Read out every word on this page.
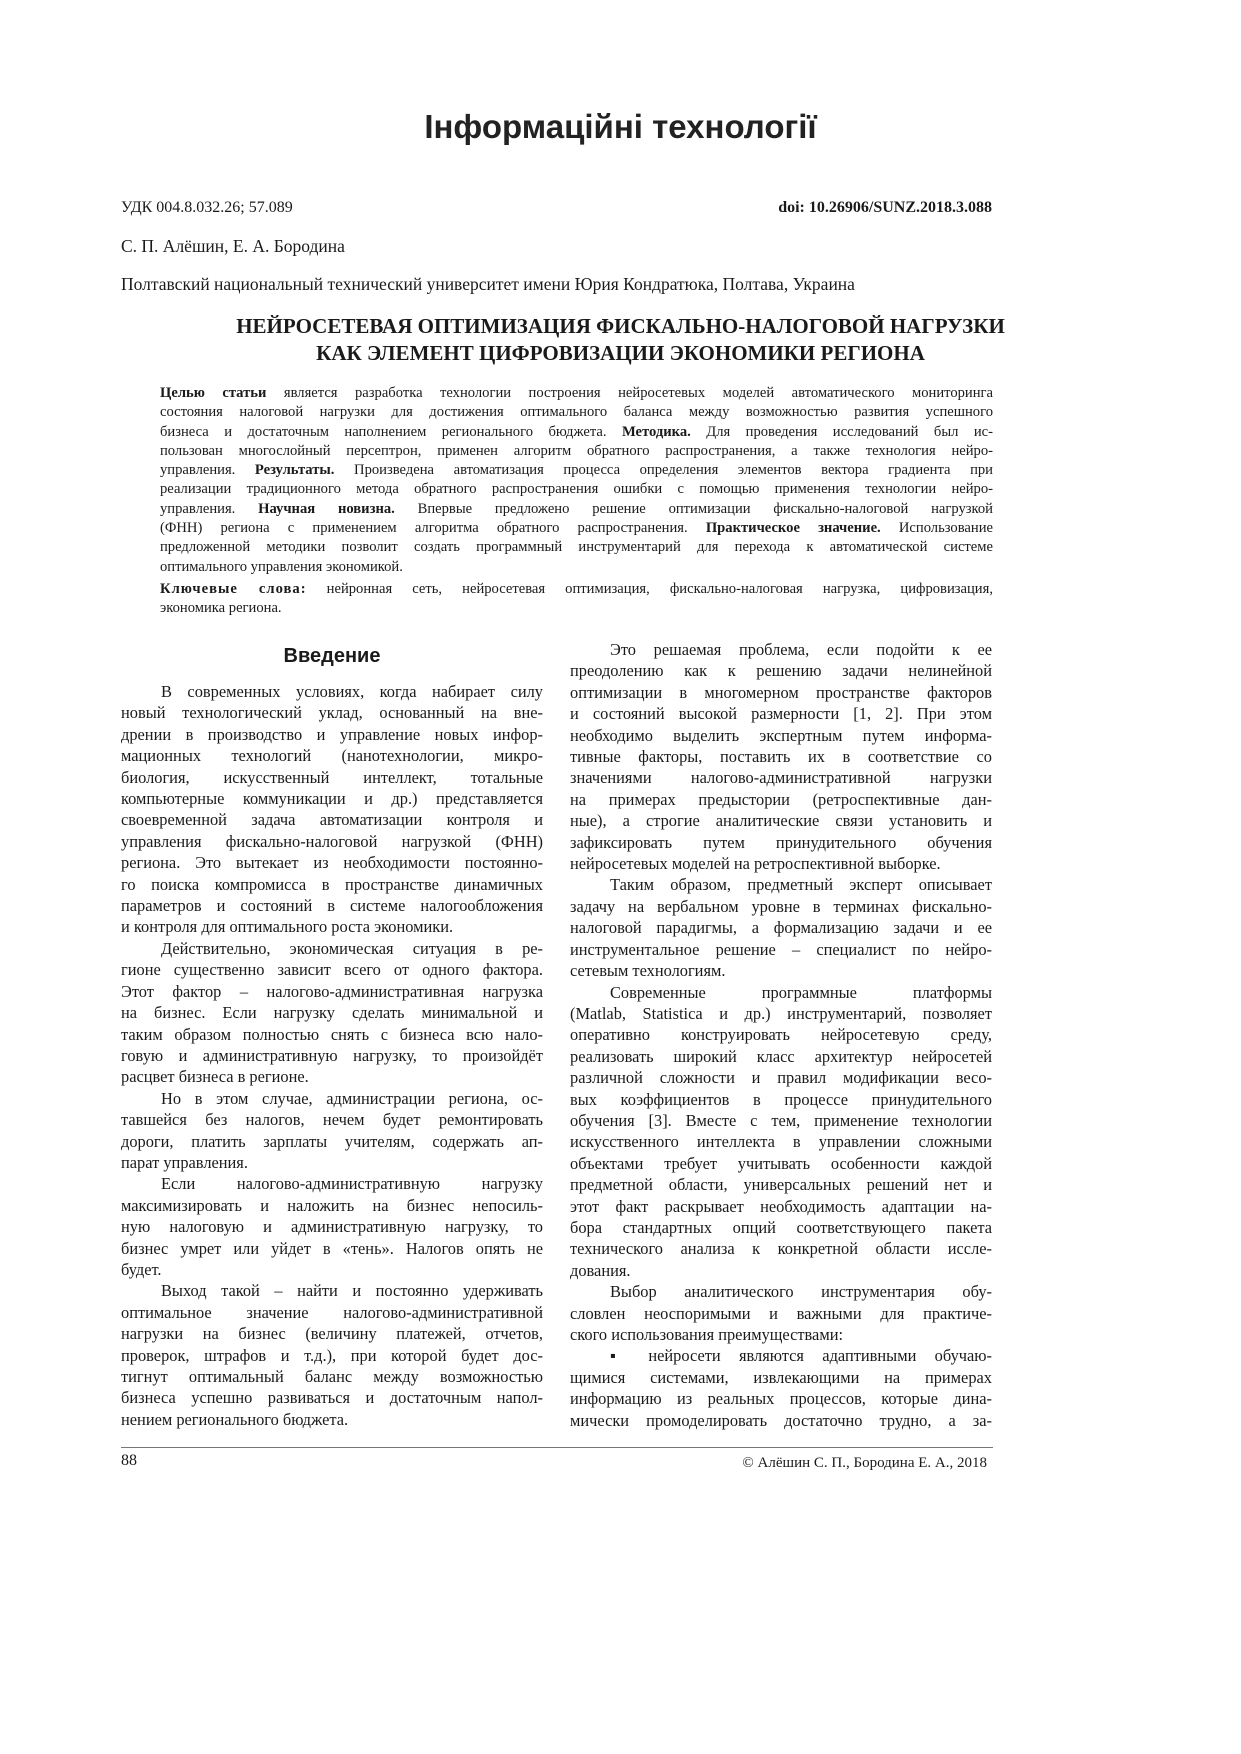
Інформаційні технології
УДК 004.8.032.26; 57.089	doi: 10.26906/SUNZ.2018.3.088
С. П. Алёшин, Е. А. Бородина
Полтавский национальный технический университет имени Юрия Кондратюка, Полтава, Украина
НЕЙРОСЕТЕВАЯ ОПТИМИЗАЦИЯ ФИСКАЛЬНО-НАЛОГОВОЙ НАГРУЗКИ
КАК ЭЛЕМЕНТ ЦИФРОВИЗАЦИИ ЭКОНОМИКИ РЕГИОНА
Целью статьи является разработка технологии построения нейросетевых моделей автоматического мониторинга
состояния налоговой нагрузки для достижения оптимального баланса между возможностью развития успешного
бизнеса и достаточным наполнением регионального бюджета. Методика. Для проведения исследований был ис-
пользован многослойный персептрон, применен алгоритм обратного распространения, а также технология нейро-
управления. Результаты. Произведена автоматизация процесса определения элементов вектора градиента при
реализации традиционного метода обратного распространения ошибки с помощью применения технологии нейро-
управления. Научная новизна. Впервые предложено решение оптимизации фискально-налоговой нагрузкой
(ФНН) региона с применением алгоритма обратного распространения. Практическое значение. Использование
предложенной методики позволит создать программный инструментарий для перехода к автоматической системе
оптимального управления экономикой.
Ключевые слова: нейронная сеть, нейросетевая оптимизация, фискально-налоговая нагрузка, цифровизация,
экономика региона.
Введение
В современных условиях, когда набирает силу
новый технологический уклад, основанный на вне-
дрении в производство и управление новых инфор-
мационных технологий (нанотехнологии, микро-
биология, искусственный интеллект, тотальные
компьютерные коммуникации и др.) представляется
своевременной задача автоматизации контроля и
управления фискально-налоговой нагрузкой (ФНН)
региона. Это вытекает из необходимости постоянно-
го поиска компромисса в пространстве динамичных
параметров и состояний в системе налогообложения
и контроля для оптимального роста экономики.
Действительно, экономическая ситуация в ре-
гионе существенно зависит всего от одного фактора.
Этот фактор – налогово-административная нагрузка
на бизнес. Если нагрузку сделать минимальной и
таким образом полностью снять с бизнеса всю нало-
говую и административную нагрузку, то произойдёт
расцвет бизнеса в регионе.
Но в этом случае, администрации региона, ос-
тавшейся без налогов, нечем будет ремонтировать
дороги, платить зарплаты учителям, содержать ап-
парат управления.
Если налогово-административную нагрузку
максимизировать и наложить на бизнес непосиль-
ную налоговую и административную нагрузку, то
бизнес умрет или уйдет в «тень». Налогов опять не
будет.
Выход такой – найти и постоянно удерживать
оптимальное значение налогово-административной
нагрузки на бизнес (величину платежей, отчетов,
проверок, штрафов и т.д.), при которой будет дос-
тигнут оптимальный баланс между возможностью
бизнеса успешно развиваться и достаточным напол-
нением регионального бюджета.
Это решаемая проблема, если подойти к ее
преодолению как к решению задачи нелинейной
оптимизации в многомерном пространстве факторов
и состояний высокой размерности [1, 2]. При этом
необходимо выделить экспертным путем информа-
тивные факторы, поставить их в соответствие со
значениями налогово-административной нагрузки
на примерах предыстории (ретроспективные дан-
ные), а строгие аналитические связи установить и
зафиксировать путем принудительного обучения
нейросетевых моделей на ретроспективной выборке.
Таким образом, предметный эксперт описывает
задачу на вербальном уровне в терминах фискально-
налоговой парадигмы, а формализацию задачи и ее
инструментальное решение – специалист по нейро-
сетевым технологиям.
Современные программные платформы
(Matlab, Statistica и др.) инструментарий, позволяет
оперативно конструировать нейросетевую среду,
реализовать широкий класс архитектур нейросетей
различной сложности и правил модификации весо-
вых коэффициентов в процессе принудительного
обучения [3]. Вместе с тем, применение технологии
искусственного интеллекта в управлении сложными
объектами требует учитывать особенности каждой
предметной области, универсальных решений нет и
этот факт раскрывает необходимость адаптации на-
бора стандартных опций соответствующего пакета
технического анализа к конкретной области иссле-
дования.
Выбор аналитического инструментария обу-
словлен неоспоримыми и важными для практиче-
ского использования преимуществами:
▪ нейросети являются адаптивными обучаю-
щимися системами, извлекающими на примерах
информацию из реальных процессов, которые дина-
мически промоделировать достаточно трудно, а за-
88	© Алёшин С. П., Бородина Е. А., 2018
